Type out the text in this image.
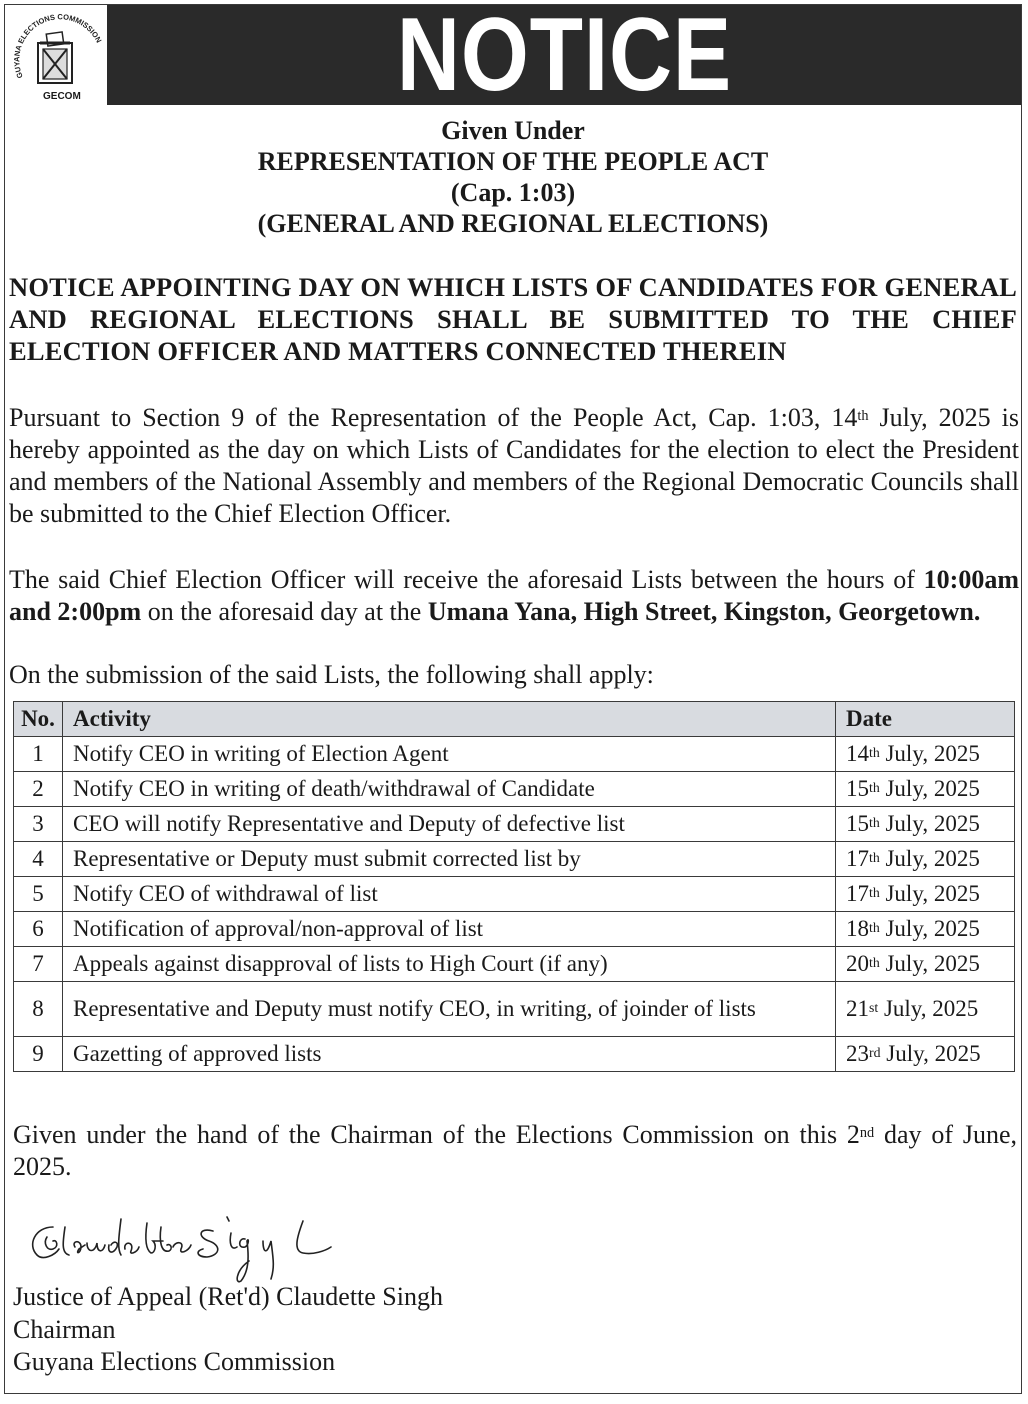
GUYANA ELECTIONS COMMISSION
GECOM	NOTICE
Given Under
REPRESENTATION OF THE PEOPLE ACT
(Cap. 1:03)
(GENERAL AND REGIONAL ELECTIONS)
NOTICE APPOINTING DAY ON WHICH LISTS OF CANDIDATES FOR GENERAL AND REGIONAL ELECTIONS SHALL BE SUBMITTED TO THE CHIEF ELECTION OFFICER AND MATTERS CONNECTED THEREIN
Pursuant to Section 9 of the Representation of the People Act, Cap. 1:03, 14th July, 2025 is hereby appointed as the day on which Lists of Candidates for the election to elect the President and members of the National Assembly and members of the Regional Democratic Councils shall be submitted to the Chief Election Officer.
The said Chief Election Officer will receive the aforesaid Lists between the hours of 10:00am and 2:00pm on the aforesaid day at the Umana Yana, High Street, Kingston, Georgetown.
On the submission of the said Lists, the following shall apply:
No.	Activity	Date
1	Notify CEO in writing of Election Agent	14th July, 2025
2	Notify CEO in writing of death/withdrawal of Candidate	15th July, 2025
3	CEO will notify Representative and Deputy of defective list	15th July, 2025
4	Representative or Deputy must submit corrected list by	17th July, 2025
5	Notify CEO of withdrawal of list	17th July, 2025
6	Notification of approval/non-approval of list	18th July, 2025
7	Appeals against disapproval of lists to High Court (if any)	20th July, 2025
8	Representative and Deputy must notify CEO, in writing, of joinder of lists	21st July, 2025
9	Gazetting of approved lists	23rd July, 2025
Given under the hand of the Chairman of the Elections Commission on this 2nd day of June, 2025.
Justice of Appeal (Ret'd) Claudette Singh
Chairman
Guyana Elections Commission
